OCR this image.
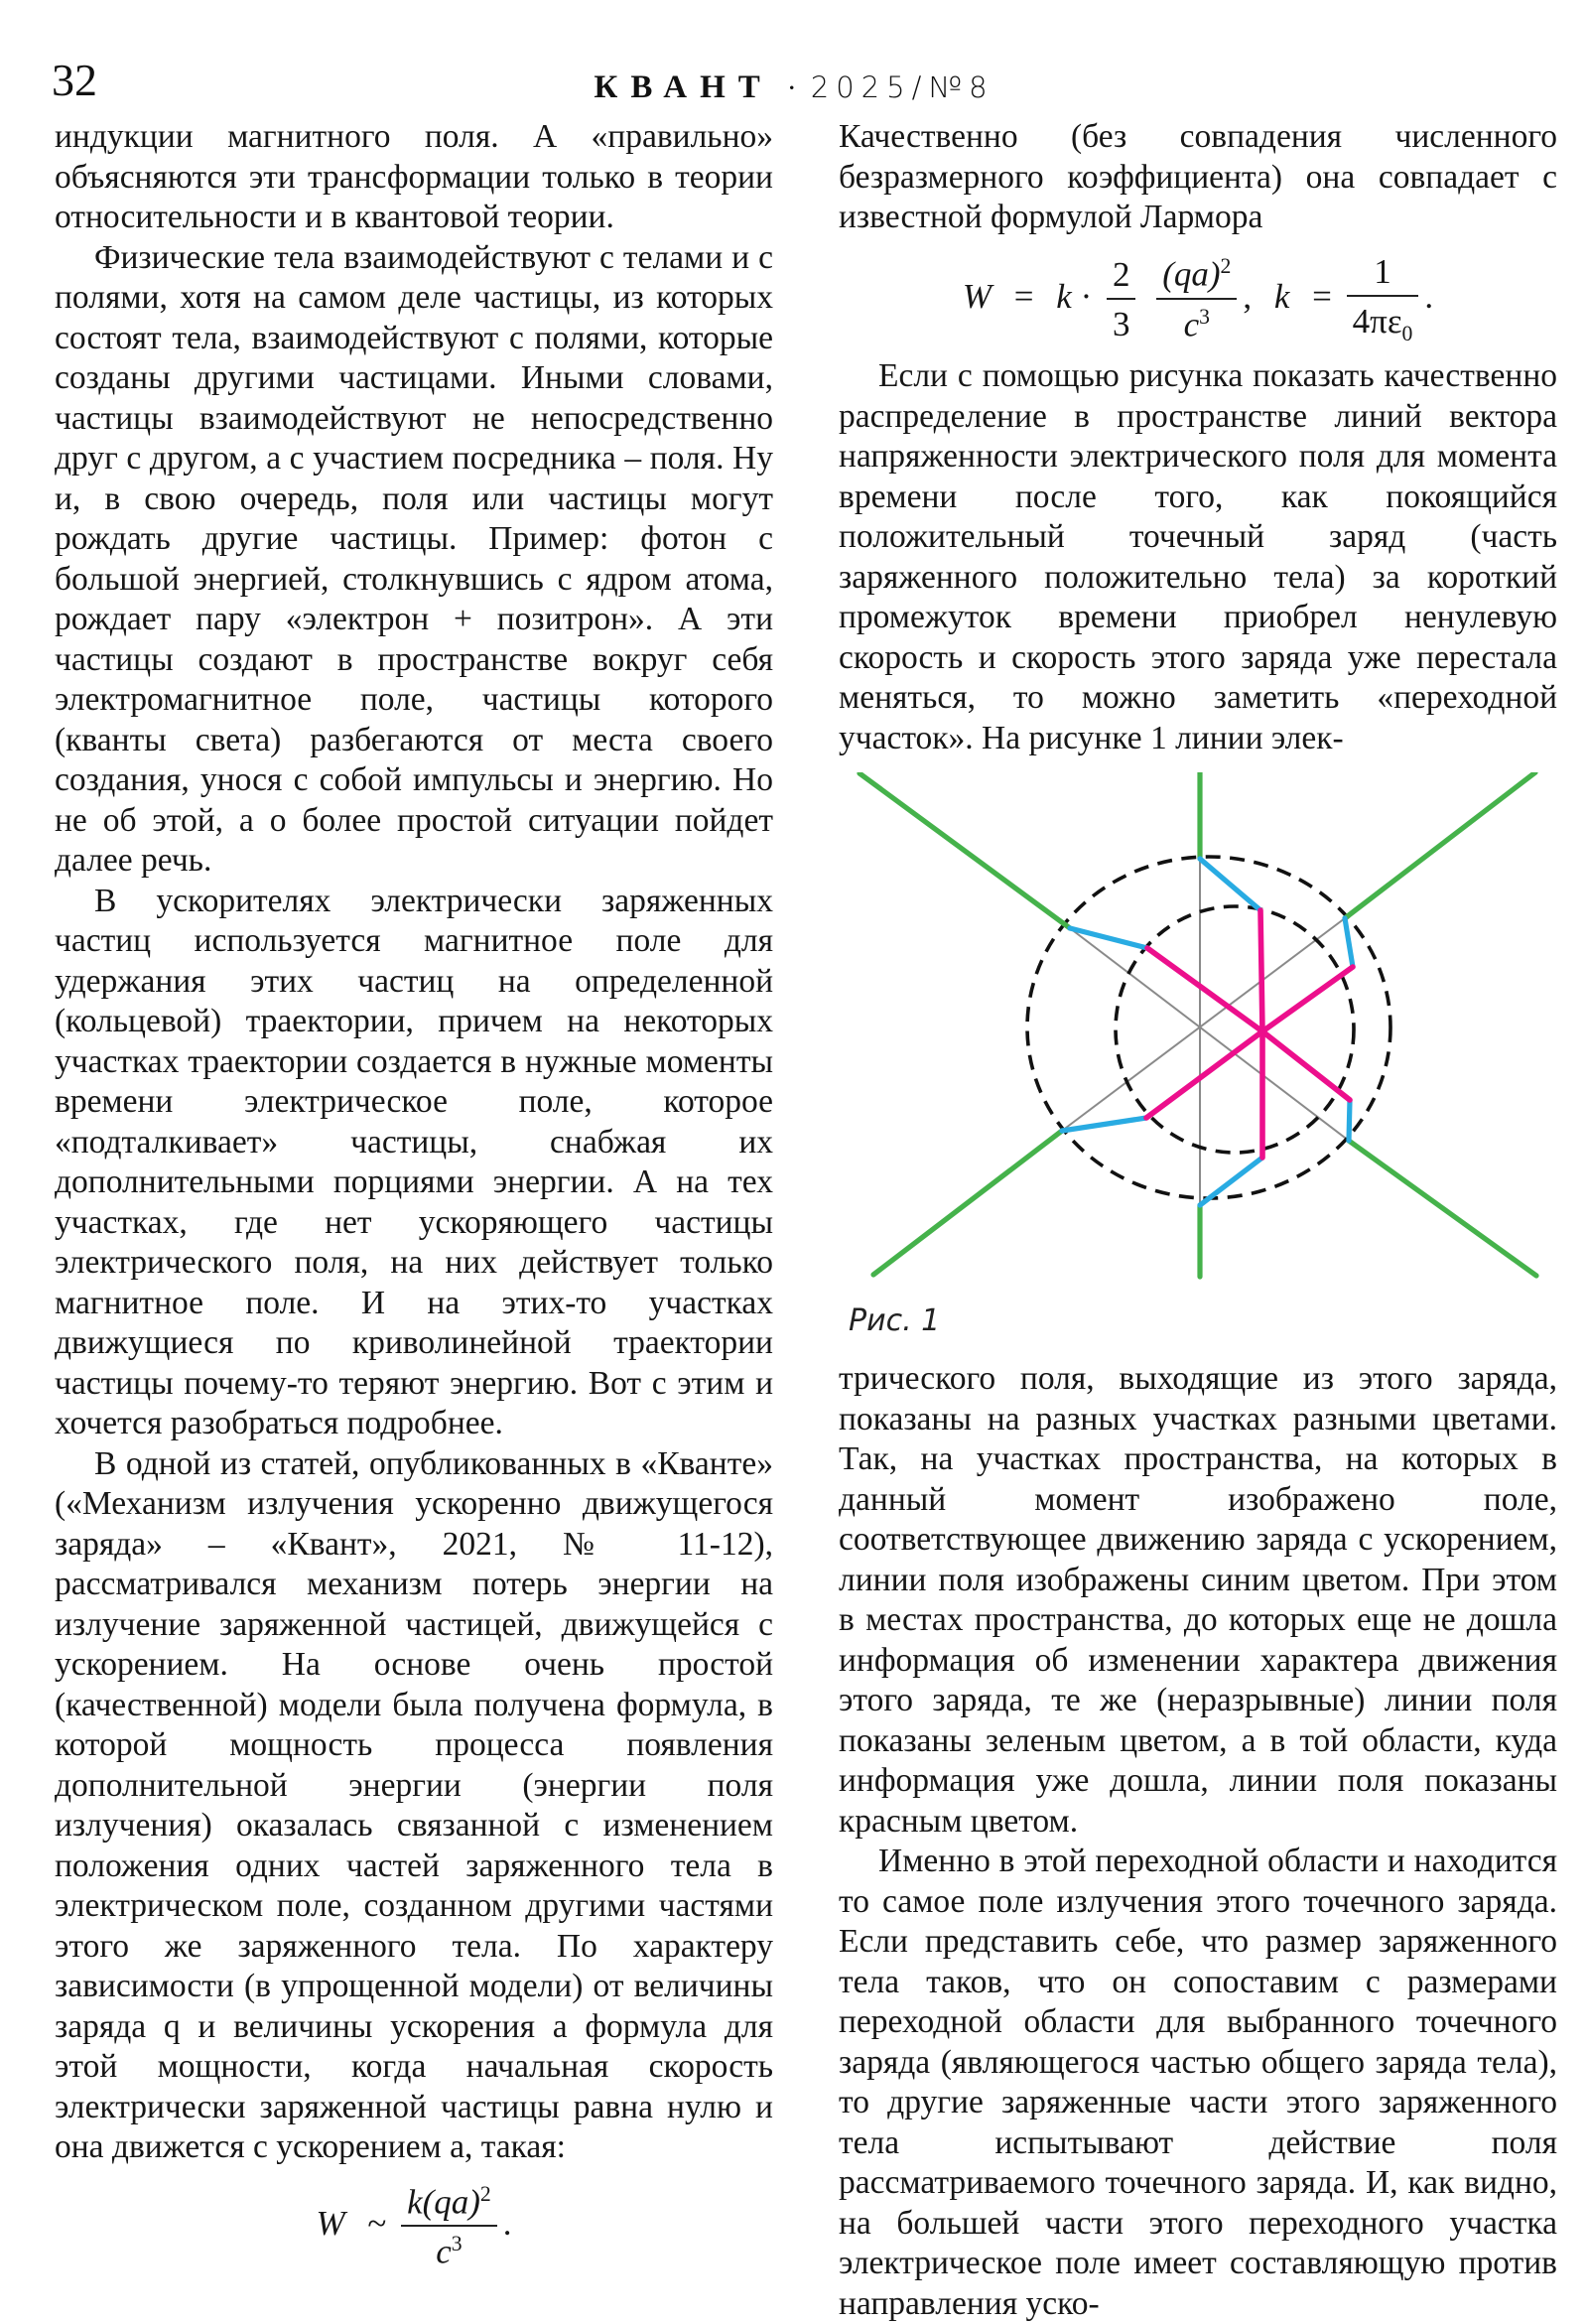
32	КВАНТ · 2025/№8

индукции магнитного поля. А «правильно» объясняются эти трансформации только в теории относительности и в квантовой теории.

Физические тела взаимодействуют с телами и с полями, хотя на самом деле частицы, из которых состоят тела, взаимодействуют с полями, которые созданы другими частицами. Иными словами, частицы взаимодействуют не непосредственно друг с другом, а с участием посредника – поля. Ну и, в свою очередь, поля или частицы могут рождать другие частицы. Пример: фотон с большой энергией, столкнувшись с ядром атома, рождает пару «электрон + позитрон». А эти частицы создают в пространстве вокруг себя электромагнитное поле, частицы которого (кванты света) разбегаются от места своего создания, унося с собой импульсы и энергию. Но не об этой, а о более простой ситуации пойдет далее речь.

В ускорителях электрически заряженных частиц используется магнитное поле для удержания этих частиц на определенной (кольцевой) траектории, причем на некоторых участках траектории создается в нужные моменты времени электрическое поле, которое «подталкивает» частицы, снабжая их дополнительными порциями энергии. А на тех участках, где нет ускоряющего частицы электрического поля, на них действует только магнитное поле. И на этих-то участках движущиеся по криволинейной траектории частицы почему-то теряют энергию. Вот с этим и хочется разобраться подробнее.

В одной из статей, опубликованных в «Кванте» («Механизм излучения ускоренно движущегося заряда» – «Квант», 2021, № 11-12), рассматривался механизм потерь энергии на излучение заряженной частицей, движущейся с ускорением. На основе очень простой (качественной) модели была получена формула, в которой мощность процесса появления дополнительной энергии (энергии поля излучения) оказалась связанной с изменением положения одних частей заряженного тела в электрическом поле, созданном другими частями этого же заряженного тела. По характеру зависимости (в упрощенной модели) от величины заряда q и величины ускорения a формула для этой мощности, когда начальная скорость электрически заряженной частицы равна нулю и она движется с ускорением a, такая:

W ~ $\frac{k(qa)^2}{c^3}$ .

Качественно (без совпадения численного безразмерного коэффициента) она совпадает с известной формулой Лармора

$W = k \cdot \frac{2}{3}$
$\frac{(qa)^2}{c^3}$ , $k = \frac{1}{4\pi\varepsilon_0}$ .

Если с помощью рисунка показать качественно распределение в пространстве линий вектора напряженности электрического поля для момента времени после того, как покоящийся положительный точечный заряд (часть заряженного положительно тела) за короткий промежуток времени приобрел ненулевую скорость и скорость этого заряда уже перестала меняться, то можно заметить «переходной участок». На рисунке 1 линии элек-

Рис. 1

трического поля, выходящие из этого заряда, показаны на разных участках разными цветами. Так, на участках пространства, на которых в данный момент изображено поле, соответствующее движению заряда с ускорением, линии поля изображены синим цветом. При этом в местах пространства, до которых еще не дошла информация об изменении характера движения этого заряда, те же (неразрывные) линии поля показаны зеленым цветом, а в той области, куда информация уже дошла, линии поля показаны красным цветом.

Именно в этой переходной области и находится то самое поле излучения этого точечного заряда. Если представить себе, что размер заряженного тела таков, что он сопоставим с размерами переходной области для выбранного точечного заряда (являющегося частью общего заряда тела), то другие заряженные части этого заряженного тела испытывают действие поля рассматриваемого точечного заряда. И, как видно, на большей части этого переходного участка электрическое поле имеет составляющую против направления уско-
